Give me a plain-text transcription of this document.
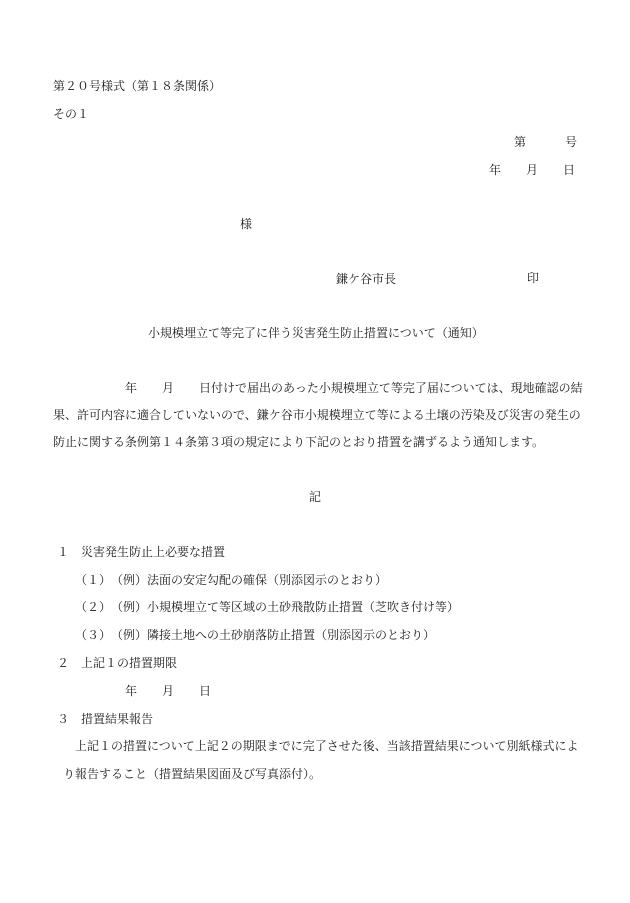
第２０号様式（第１８条関係）
その１
第	号
年 月 日
様
鎌ケ谷市長	印
小規模埋立て等完了に伴う災害発生防止措置について（通知）
年 月 日 付けで届出のあった小規模埋立て等完了届については、現地確認の結
果、許可内容に適合していないので、鎌ケ谷市小規模埋立て等による土壌の汚染及び災害の発生の
防止に関する条例第１４条第３項の規定により下記のとおり措置を講ずるよう通知します。
記
１　災害発生防止上必要な措置
（１）　（例）法面の安定勾配の確保（別添図示のとおり）
（２）　（例）小規模埋立て等区域の土砂飛散防止措置（芝吹き付け等）
（３）　（例）隣接土地への土砂崩落防止措置（別添図示のとおり）
２　上記１の措置期限
年 月 日
３　措置結果報告
上記１の措置について上記２の期限までに完了させた後、当該措置結果について別紙様式によ
り報告すること（措置結果図面及び写真添付）。
